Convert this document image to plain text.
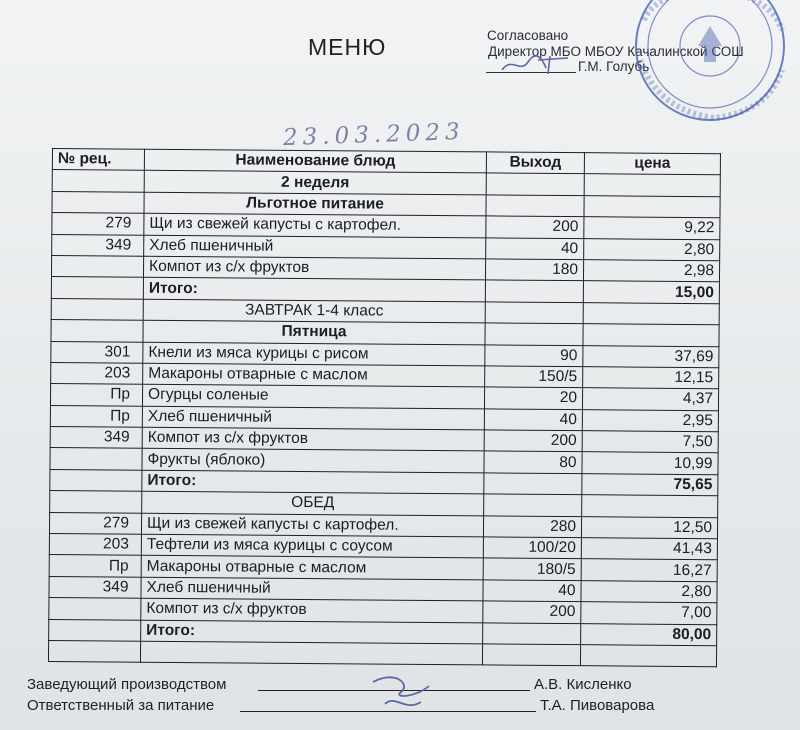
МЕНЮ	Согласовано
Директор МБО МБОУ Качалинской СОШ
Г.М. Голубь
23.03.2023
№ рец.	Наименование блюд	Выход	цена
	2 неделя		
	Льготное питание		
279	Щи из свежей капусты с картофел.	200	9,22
349	Хлеб пшеничный	40	2,80
	Компот из с/х фруктов	180	2,98
	Итого:		15,00
	ЗАВТРАК 1-4 класс		
	Пятница		
301	Кнели из мяса курицы с рисом	90	37,69
203	Макароны отварные с маслом	150/5	12,15
Пр	Огурцы соленые	20	4,37
Пр	Хлеб пшеничный	40	2,95
349	Компот из с/х фруктов	200	7,50
	Фрукты (яблоко)	80	10,99
	Итого:		75,65
	ОБЕД		
279	Щи из свежей капусты с картофел.	280	12,50
203	Тефтели из мяса курицы с соусом	100/20	41,43
Пр	Макароны отварные с маслом	180/5	16,27
349	Хлеб пшеничный	40	2,80
	Компот из с/х фруктов	200	7,00
	Итого:		80,00

Заведующий производством	А.В. Кисленко
Ответственный за питание	Т.А. Пивоварова
